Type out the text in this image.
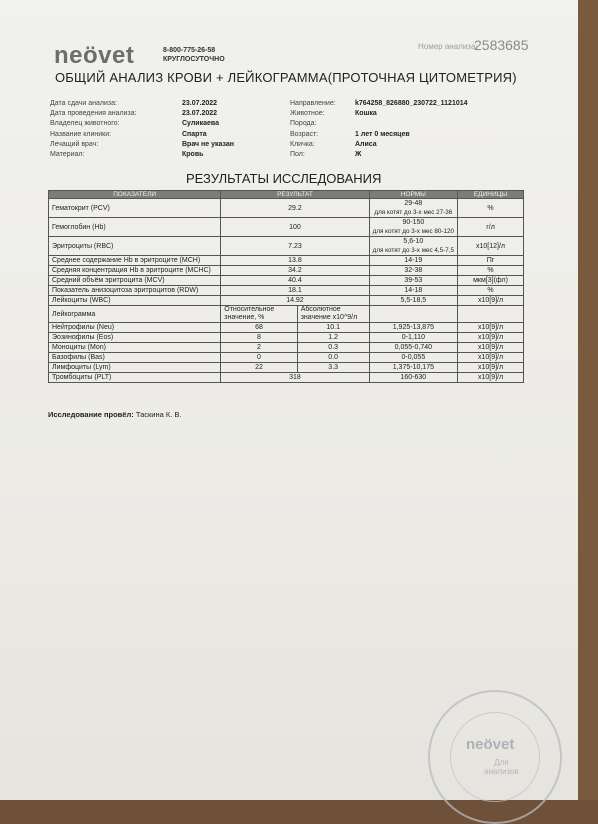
neövet	8-800-775-26-58
КРУГЛОСУТОЧНО
Номер анализа:
2583685
ОБЩИЙ АНАЛИЗ КРОВИ + ЛЕЙКОГРАММА(ПРОТОЧНАЯ ЦИТОМЕТРИЯ)
Дата сдачи анализа:	23.07.2022
Дата проведения анализа:	23.07.2022
Владелец животного:	Суликаева
Название клиники:	Спарта
Лечащий врач:	Врач не указан
Материал:	Кровь
Направление:	k764258_826880_230722_1121014
Животное:	Кошка
Порода:
Возраст:	1 лет 0 месяцев
Кличка:	Алиса
Пол:	Ж
РЕЗУЛЬТАТЫ ИССЛЕДОВАНИЯ
ПОКАЗАТЕЛИ	РЕЗУЛЬТАТ		НОРМЫ	ЕДИНИЦЫ
Гематокрит (PCV)	29.2		29-48
для котят до 3-х мес 27-36	%
Гемоглобин (Hb)	100		90-150
для котят до 3-х мес 80-120	г/л
Эритроциты (RBC)	7.23		5,6-10
для котят до 3-х мес 4,5-7,5	x10[12]/л
Среднее содержание Hb в эритроците (MCH)	13.8		14-19	Пг
Средняя концентрация Hb в эритроците (MCHC)	34.2		32-38	%
Средний объём эритроцита (MCV)	40.4		39-53	мкм[3](фл)
Показатель анизоцитоза эритроцитов (RDW)	18.1		14-18	%
Лейкоциты (WBC)	14.92		5,5-18,5	x10[9]/л
Лейкограмма	Относительное значение, %	Абсолютное значение x10^9/л		
Нейтрофилы (Neu)	68	10.1	1,925-13,875	x10[9]/л
Эозинофилы (Eos)	8	1.2	0-1,110	x10[9]/л
Моноциты (Mon)	2	0.3	0,055-0,740	x10[9]/л
Базофилы (Bas)	0	0.0	0-0,055	x10[9]/л
Лимфоциты (Lym)	22	3.3	1,375-10,175	x10[9]/л
Тромбоциты (PLT)	318		160-630	x10[9]/л
Исследование провёл: Таскина К. В.
neövet
Для
анализов
